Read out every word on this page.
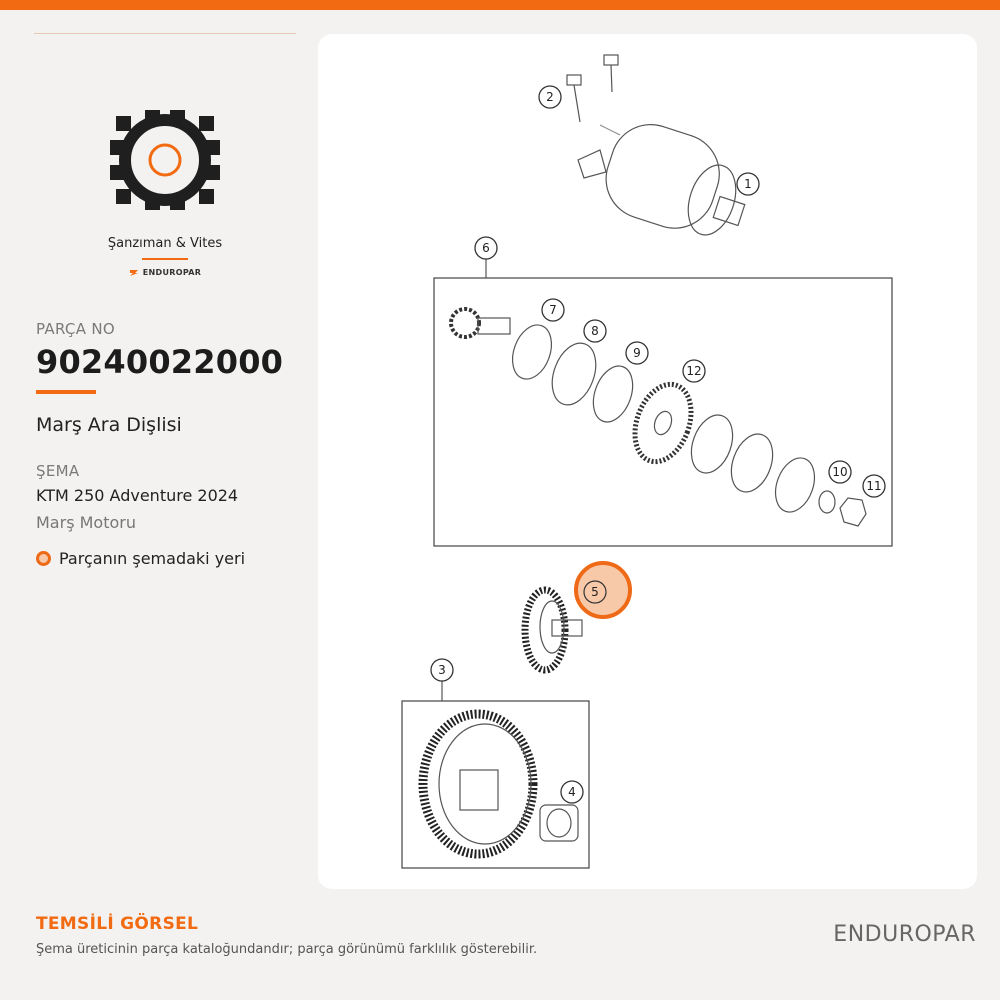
Şanzıman & Vites
ENDUROPAR
PARÇA NO
90240022000
Marş Ara Dişlisi
ŞEMA
KTM 250 Adventure 2024
Marş Motoru
Parçanın şemadaki yeri
1
2
3
4
5
6
7
8
9
10
11
12
TEMSİLİ GÖRSEL
Şema üreticinin parça kataloğundandır; parça görünümü farklılık gösterebilir.
ENDUROPAR
